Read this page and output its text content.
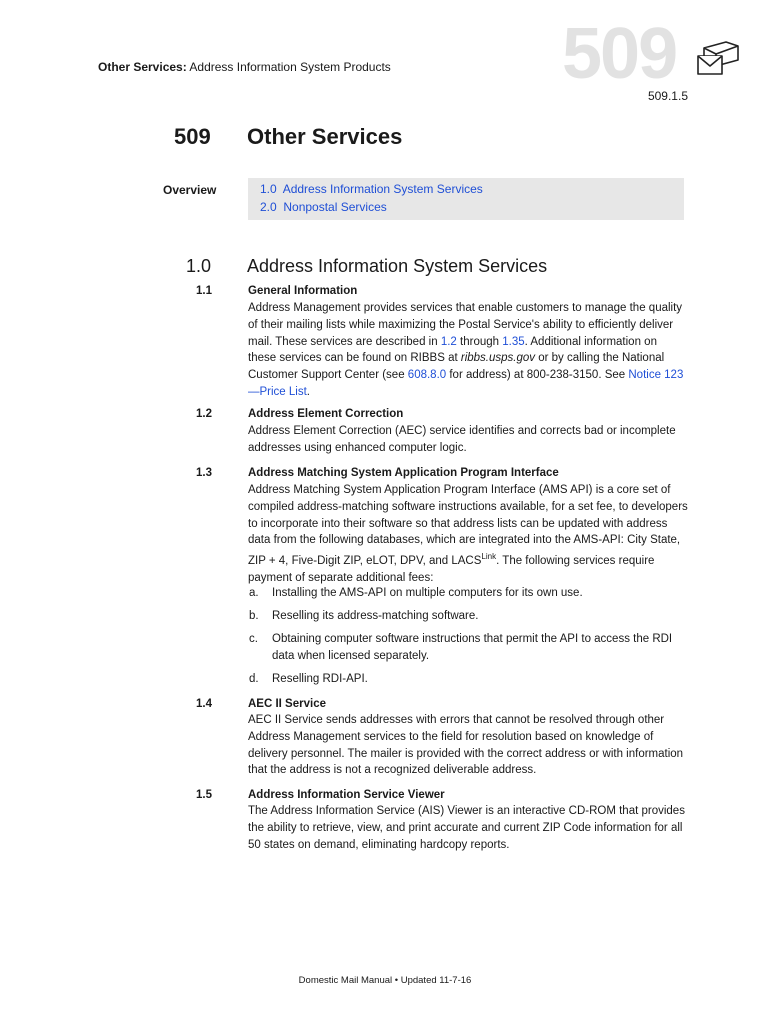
Other Services: Address Information System Products 509
509.1.5
509 Other Services
Overview	1.0 Address Information System Services
2.0 Nonpostal Services
1.0 Address Information System Services
1.1	General Information
Address Management provides services that enable customers to manage the quality of their mailing lists while maximizing the Postal Service's ability to efficiently deliver mail. These services are described in 1.2 through 1.35. Additional information on these services can be found on RIBBS at ribbs.usps.gov or by calling the National Customer Support Center (see 608.8.0 for address) at 800-238-3150. See Notice 123—Price List.
1.2	Address Element Correction
Address Element Correction (AEC) service identifies and corrects bad or incomplete addresses using enhanced computer logic.
1.3	Address Matching System Application Program Interface
Address Matching System Application Program Interface (AMS API) is a core set of compiled address-matching software instructions available, for a set fee, to developers to incorporate into their software so that address lists can be updated with address data from the following databases, which are integrated into the AMS-API: City State, ZIP + 4, Five-Digit ZIP, eLOT, DPV, and $LACS^{Link}$. The following services require payment of separate additional fees:
a. Installing the AMS-API on multiple computers for its own use.
b. Reselling its address-matching software.
c. Obtaining computer software instructions that permit the API to access the RDI data when licensed separately.
d. Reselling RDI-API.
1.4	AEC II Service
AEC II Service sends addresses with errors that cannot be resolved through other Address Management services to the field for resolution based on knowledge of delivery personnel. The mailer is provided with the correct address or with information that the address is not a recognized deliverable address.
1.5	Address Information Service Viewer
The Address Information Service (AIS) Viewer is an interactive CD-ROM that provides the ability to retrieve, view, and print accurate and current ZIP Code information for all 50 states on demand, eliminating hardcopy reports.
Domestic Mail Manual • Updated 11-7-16
